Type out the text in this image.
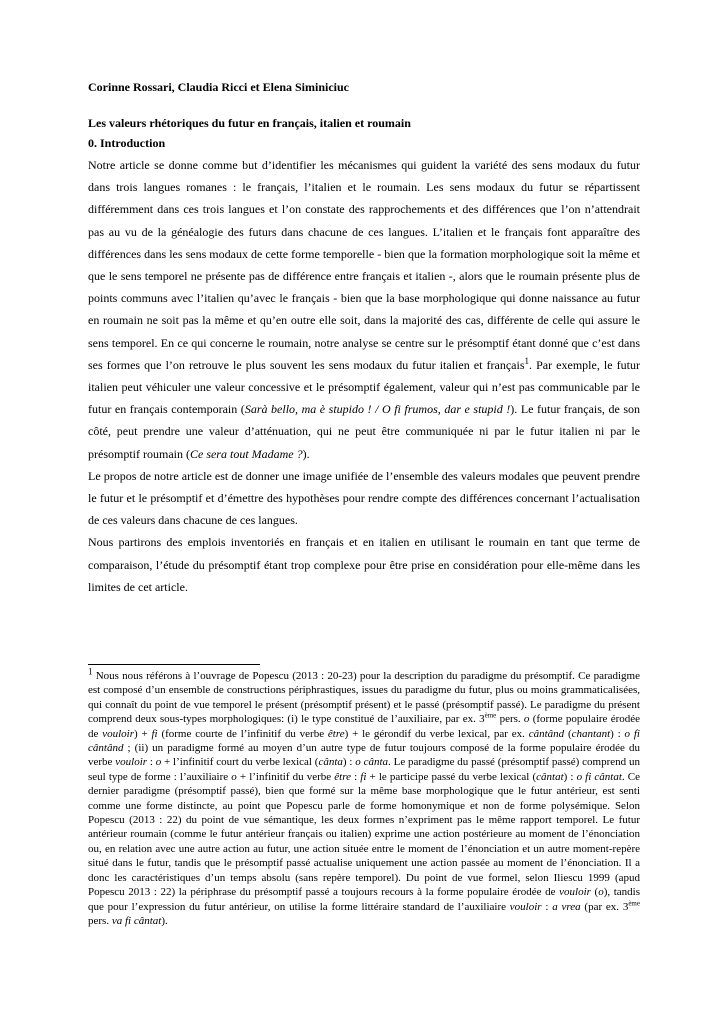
Corinne Rossari, Claudia Ricci et Elena Siminiciuc

Les valeurs rhétoriques du futur en français, italien et roumain

0. Introduction

Notre article se donne comme but d’identifier les mécanismes qui guident la variété des sens modaux du futur dans trois langues romanes : le français, l’italien et le roumain. Les sens modaux du futur se répartissent différemment dans ces trois langues et l’on constate des rapprochements et des différences que l’on n’attendrait pas au vu de la généalogie des futurs dans chacune de ces langues. L’italien et le français font apparaître des différences dans les sens modaux de cette forme temporelle - bien que la formation morphologique soit la même et que le sens temporel ne présente pas de différence entre français et italien -, alors que le roumain présente plus de points communs avec l’italien qu’avec le français - bien que la base morphologique qui donne naissance au futur en roumain ne soit pas la même et qu’en outre elle soit, dans la majorité des cas, différente de celle qui assure le sens temporel. En ce qui concerne le roumain, notre analyse se centre sur le présomptif étant donné que c’est dans ses formes que l’on retrouve le plus souvent les sens modaux du futur italien et français$^1$. Par exemple, le futur italien peut véhiculer une valeur concessive et le présomptif également, valeur qui n’est pas communicable par le futur en français contemporain (Sarà bello, ma è stupido ! / O fi frumos, dar e stupid !). Le futur français, de son côté, peut prendre une valeur d’atténuation, qui ne peut être communiquée ni par le futur italien ni par le présomptif roumain (Ce sera tout Madame ?).

Le propos de notre article est de donner une image unifiée de l’ensemble des valeurs modales que peuvent prendre le futur et le présomptif et d’émettre des hypothèses pour rendre compte des différences concernant l’actualisation de ces valeurs dans chacune de ces langues.

Nous partirons des emplois inventoriés en français et en italien en utilisant le roumain en tant que terme de comparaison, l’étude du présomptif étant trop complexe pour être prise en considération pour elle-même dans les limites de cet article.

$^1$ Nous nous référons à l’ouvrage de Popescu (2013 : 20-23) pour la description du paradigme du présomptif. Ce paradigme est composé d’un ensemble de constructions périphrastiques, issues du paradigme du futur, plus ou moins grammaticalisées, qui connaît du point de vue temporel le présent (présomptif présent) et le passé (présomptif passé). Le paradigme du présent comprend deux sous-types morphologiques: (i) le type constitué de l’auxiliaire, par ex. 3ème pers. o (forme populaire érodée de vouloir) + fi (forme courte de l’infinitif du verbe être) + le gérondif du verbe lexical, par ex. cântând (chantant) : o fi cântând ; (ii) un paradigme formé au moyen d’un autre type de futur toujours composé de la forme populaire érodée du verbe vouloir : o + l’infinitif court du verbe lexical (cânta) : o cânta. Le paradigme du passé (présomptif passé) comprend un seul type de forme : l’auxiliaire o + l’infinitif du verbe être : fi + le participe passé du verbe lexical (cântat) : o fi cântat. Ce dernier paradigme (présomptif passé), bien que formé sur la même base morphologique que le futur antérieur, est senti comme une forme distincte, au point que Popescu parle de forme homonymique et non de forme polysémique. Selon Popescu (2013 : 22) du point de vue sémantique, les deux formes n’expriment pas le même rapport temporel. Le futur antérieur roumain (comme le futur antérieur français ou italien) exprime une action postérieure au moment de l’énonciation ou, en relation avec une autre action au futur, une action située entre le moment de l’énonciation et un autre moment-repère situé dans le futur, tandis que le présomptif passé actualise uniquement une action passée au moment de l’énonciation. Il a donc les caractéristiques d’un temps absolu (sans repère temporel). Du point de vue formel, selon Iliescu 1999 (apud Popescu 2013 : 22) la périphrase du présomptif passé a toujours recours à la forme populaire érodée de vouloir (o), tandis que pour l’expression du futur antérieur, on utilise la forme littéraire standard de l’auxiliaire vouloir : a vrea (par ex. 3ème pers. va fi cântat).
